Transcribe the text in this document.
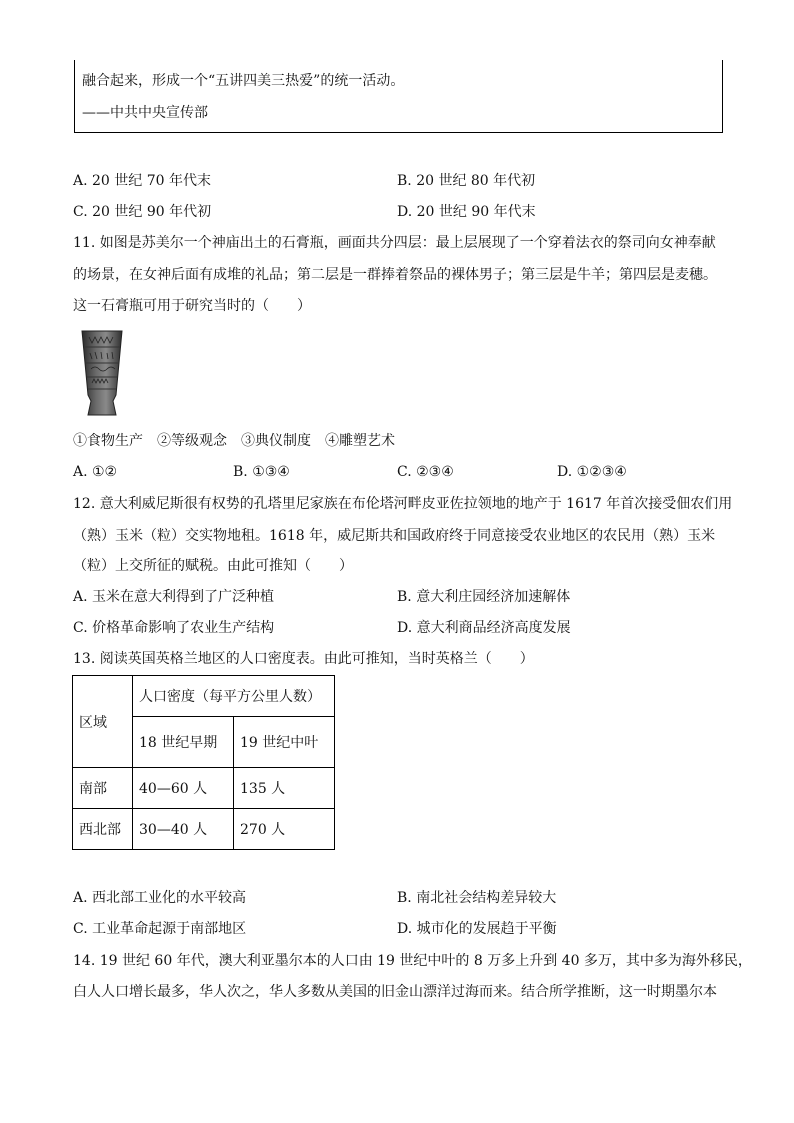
融合起来，形成一个“五讲四美三热爱”的统一活动。
——中共中央宣传部
A. 20 世纪 70 年代末	B. 20 世纪 80 年代初
C. 20 世纪 90 年代初	D. 20 世纪 90 年代末
11. 如图是苏美尔一个神庙出土的石膏瓶，画面共分四层：最上层展现了一个穿着法衣的祭司向女神奉献
的场景，在女神后面有成堆的礼品；第二层是一群捧着祭品的裸体男子；第三层是牛羊；第四层是麦穗。
这一石膏瓶可用于研究当时的（　　）
①食物生产　②等级观念　③典仪制度　④雕塑艺术
A. ①②	B. ①③④	C. ②③④	D. ①②③④
12. 意大利威尼斯很有权势的孔塔里尼家族在布伦塔河畔皮亚佐拉领地的地产于 1617 年首次接受佃农们用
（熟）玉米（粒）交实物地租。1618 年，威尼斯共和国政府终于同意接受农业地区的农民用（熟）玉米
（粒）上交所征的赋税。由此可推知（　　）
A. 玉米在意大利得到了广泛种植	B. 意大利庄园经济加速解体
C. 价格革命影响了农业生产结构	D. 意大利商品经济高度发展
13. 阅读英国英格兰地区的人口密度表。由此可推知，当时英格兰（　　）
区域	人口密度（每平方公里人数）	
	18 世纪早期	19 世纪中叶
南部	40—60 人	135 人
西北部	30—40 人	270 人
A. 西北部工业化的水平较高	B. 南北社会结构差异较大
C. 工业革命起源于南部地区	D. 城市化的发展趋于平衡
14. 19 世纪 60 年代，澳大利亚墨尔本的人口由 19 世纪中叶的 8 万多上升到 40 多万，其中多为海外移民，
白人人口增长最多，华人次之，华人多数从美国的旧金山漂洋过海而来。结合所学推断，这一时期墨尔本
